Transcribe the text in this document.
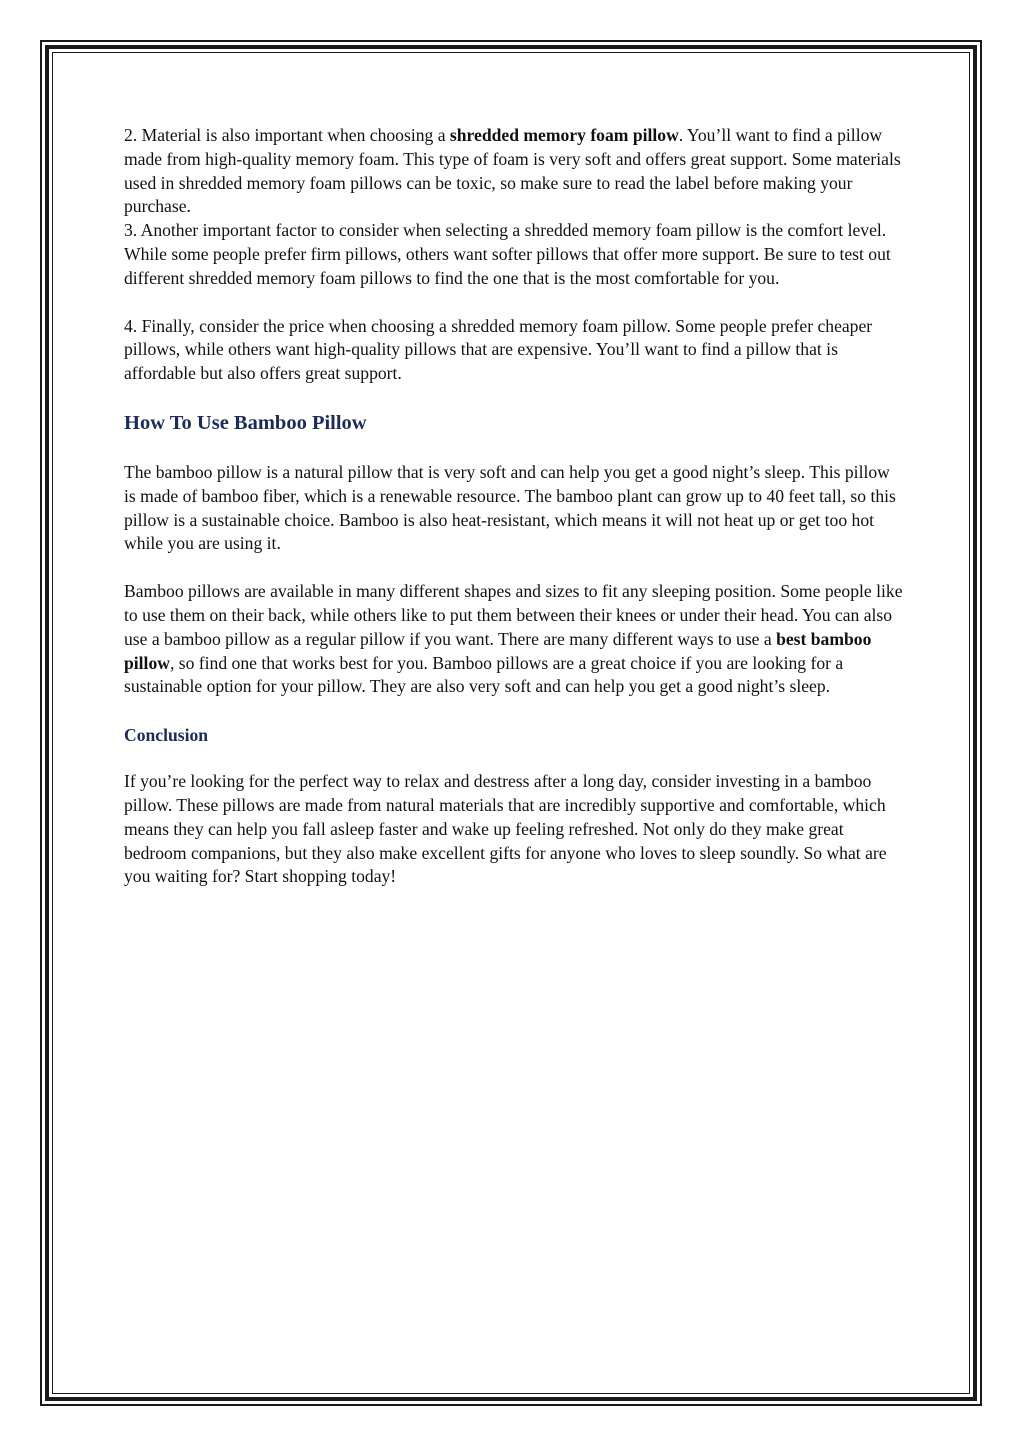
2. Material is also important when choosing a shredded memory foam pillow. You’ll want to find a pillow made from high-quality memory foam. This type of foam is very soft and offers great support. Some materials used in shredded memory foam pillows can be toxic, so make sure to read the label before making your purchase.

3. Another important factor to consider when selecting a shredded memory foam pillow is the comfort level. While some people prefer firm pillows, others want softer pillows that offer more support. Be sure to test out different shredded memory foam pillows to find the one that is the most comfortable for you.

4. Finally, consider the price when choosing a shredded memory foam pillow. Some people prefer cheaper pillows, while others want high-quality pillows that are expensive. You’ll want to find a pillow that is affordable but also offers great support.

How To Use Bamboo Pillow

The bamboo pillow is a natural pillow that is very soft and can help you get a good night’s sleep. This pillow is made of bamboo fiber, which is a renewable resource. The bamboo plant can grow up to 40 feet tall, so this pillow is a sustainable choice. Bamboo is also heat-resistant, which means it will not heat up or get too hot while you are using it.

Bamboo pillows are available in many different shapes and sizes to fit any sleeping position. Some people like to use them on their back, while others like to put them between their knees or under their head. You can also use a bamboo pillow as a regular pillow if you want. There are many different ways to use a best bamboo pillow, so find one that works best for you. Bamboo pillows are a great choice if you are looking for a sustainable option for your pillow. They are also very soft and can help you get a good night’s sleep.

Conclusion

If you’re looking for the perfect way to relax and destress after a long day, consider investing in a bamboo pillow. These pillows are made from natural materials that are incredibly supportive and comfortable, which means they can help you fall asleep faster and wake up feeling refreshed. Not only do they make great bedroom companions, but they also make excellent gifts for anyone who loves to sleep soundly. So what are you waiting for? Start shopping today!
